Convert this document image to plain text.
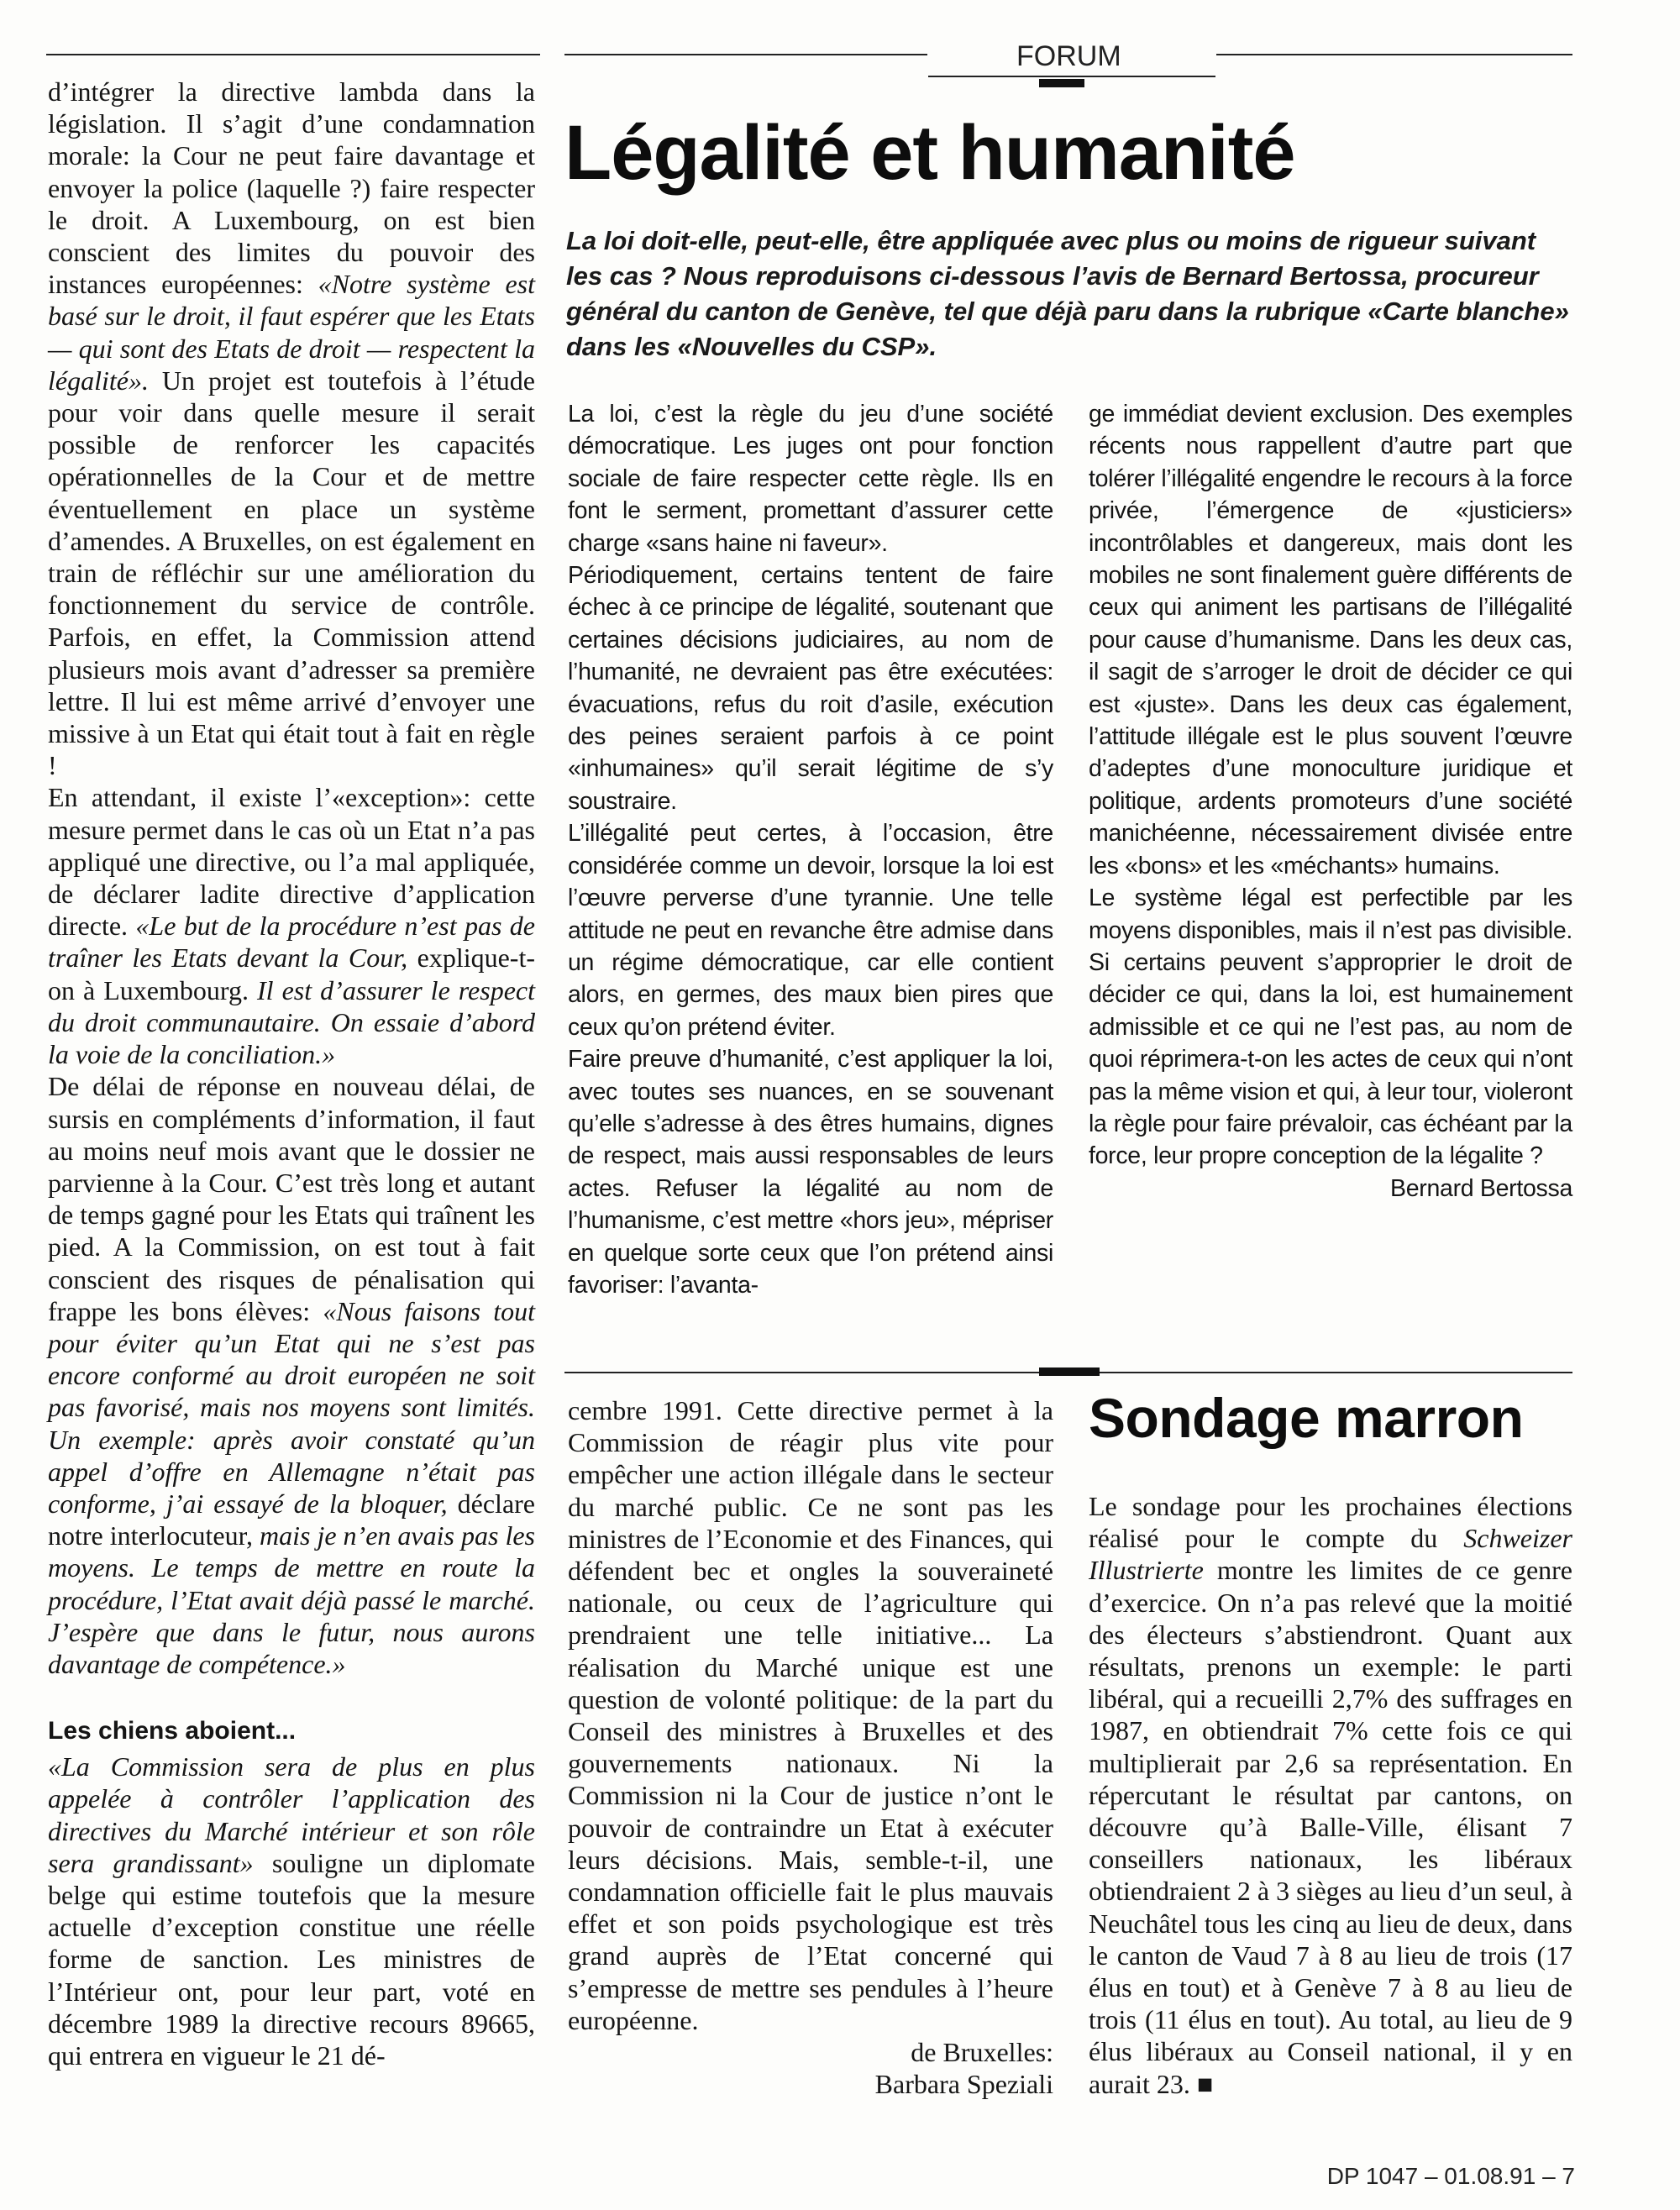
FORUM
Légalité et humanité

La loi doit-elle, peut-elle, être appliquée avec plus ou moins de rigueur suivant les cas ? Nous reproduisons ci-dessous l’avis de Bernard Bertossa, procureur général du canton de Genève, tel que déjà paru dans la rubrique «Carte blanche» dans les «Nouvelles du CSP».

d’intégrer la directive lambda dans la législation. Il s’agit d’une condamnation morale: la Cour ne peut faire davantage et envoyer la police (laquelle ?) faire respecter le droit. A Luxembourg, on est bien conscient des limites du pouvoir des instances européennes: «Notre système est basé sur le droit, il faut espérer que les Etats — qui sont des Etats de droit — respectent la légalité». Un projet est toutefois à l’étude pour voir dans quelle mesure il serait possible de renforcer les capacités opérationnelles de la Cour et de mettre éventuellement en place un système d’amendes. A Bruxelles, on est également en train de réfléchir sur une amélioration du fonctionnement du service de contrôle. Parfois, en effet, la Commission attend plusieurs mois avant d’adresser sa première lettre. Il lui est même arrivé d’envoyer une missive à un Etat qui était tout à fait en règle !

En attendant, il existe l’«exception»: cette mesure permet dans le cas où un Etat n’a pas appliqué une directive, ou l’a mal appliquée, de déclarer ladite directive d’application directe. «Le but de la procédure n’est pas de traîner les Etats devant la Cour, explique-t-on à Luxembourg. Il est d’assurer le respect du droit communautaire. On essaie d’abord la voie de la conciliation.»

De délai de réponse en nouveau délai, de sursis en compléments d’information, il faut au moins neuf mois avant que le dossier ne parvienne à la Cour. C’est très long et autant de temps gagné pour les Etats qui traînent les pied. A la Commission, on est tout à fait conscient des risques de pénalisation qui frappe les bons élèves: «Nous faisons tout pour éviter qu’un Etat qui ne s’est pas encore conformé au droit européen ne soit pas favorisé, mais nos moyens sont limités. Un exemple: après avoir constaté qu’un appel d’offre en Allemagne n’était pas conforme, j’ai essayé de la bloquer, déclare notre interlocuteur, mais je n’en avais pas les moyens. Le temps de mettre en route la procédure, l’Etat avait déjà passé le marché. J’espère que dans le futur, nous aurons davantage de compétence.»

Les chiens aboient...

«La Commission sera de plus en plus appelée à contrôler l’application des directives du Marché intérieur et son rôle sera grandissant» souligne un diplomate belge qui estime toutefois que la mesure actuelle d’exception constitue une réelle forme de sanction. Les ministres de l’Intérieur ont, pour leur part, voté en décembre 1989 la directive recours 89665, qui entrera en vigueur le 21 dé-

cembre 1991. Cette directive permet à la Commission de réagir plus vite pour empêcher une action illégale dans le secteur du marché public. Ce ne sont pas les ministres de l’Economie et des Finances, qui défendent bec et ongles la souveraineté nationale, ou ceux de l’agriculture qui prendraient une telle initiative... La réalisation du Marché unique est une question de volonté politique: de la part du Conseil des ministres à Bruxelles et des gouvernements nationaux. Ni la Commission ni la Cour de justice n’ont le pouvoir de contraindre un Etat à exécuter leurs décisions. Mais, semble-t-il, une condamnation officielle fait le plus mauvais effet et son poids psychologique est très grand auprès de l’Etat concerné qui s’empresse de mettre ses pendules à l’heure européenne.

de Bruxelles:

Barbara Speziali

La loi, c’est la règle du jeu d’une société démocratique. Les juges ont pour fonction sociale de faire respecter cette règle. Ils en font le serment, promettant d’assurer cette charge «sans haine ni faveur».

Périodiquement, certains tentent de faire échec à ce principe de légalité, soutenant que certaines décisions judiciaires, au nom de l’humanité, ne devraient pas être exécutées: évacuations, refus du roit d’asile, exécution des peines seraient parfois à ce point «inhumaines» qu’il serait légitime de s’y soustraire.

L’illégalité peut certes, à l’occasion, être considérée comme un devoir, lorsque la loi est l’œuvre perverse d’une tyrannie. Une telle attitude ne peut en revanche être admise dans un régime démocratique, car elle contient alors, en germes, des maux bien pires que ceux qu’on prétend éviter.

Faire preuve d’humanité, c’est appliquer la loi, avec toutes ses nuances, en se souvenant qu’elle s’adresse à des êtres humains, dignes de respect, mais aussi responsables de leurs actes. Refuser la légalité au nom de l’humanisme, c’est mettre «hors jeu», mépriser en quelque sorte ceux que l’on prétend ainsi favoriser: l’avanta-

ge immédiat devient exclusion. Des exemples récents nous rappellent d’autre part que tolérer l’illégalité engendre le recours à la force privée, l’émergence de «justiciers» incontrôlables et dangereux, mais dont les mobiles ne sont finalement guère différents de ceux qui animent les partisans de l’illégalité pour cause d’humanisme. Dans les deux cas, il sagit de s’arroger le droit de décider ce qui est «juste». Dans les deux cas également, l’attitude illégale est le plus souvent l’œuvre d’adeptes d’une monoculture juridique et politique, ardents promoteurs d’une société manichéenne, nécessairement divisée entre les «bons» et les «méchants» humains.

Le système légal est perfectible par les moyens disponibles, mais il n’est pas divisible. Si certains peuvent s’approprier le droit de décider ce qui, dans la loi, est humainement admissible et ce qui ne l’est pas, au nom de quoi réprimera-t-on les actes de ceux qui n’ont pas la même vision et qui, à leur tour, violeront la règle pour faire prévaloir, cas échéant par la force, leur propre conception de la légalite ?

Bernard Bertossa

Sondage marron

Le sondage pour les prochaines élections réalisé pour le compte du Schweizer Illustrierte montre les limites de ce genre d’exercice. On n’a pas relevé que la moitié des électeurs s’abstiendront. Quant aux résultats, prenons un exemple: le parti libéral, qui a recueilli 2,7% des suffrages en 1987, en obtiendrait 7% cette fois ce qui multiplierait par 2,6 sa représentation. En répercutant le résultat par cantons, on découvre qu’à Balle-Ville, élisant 7 conseillers nationaux, les libéraux obtiendraient 2 à 3 sièges au lieu d’un seul, à Neuchâtel tous les cinq au lieu de deux, dans le canton de Vaud 7 à 8 au lieu de trois (17 élus en tout) et à Genève 7 à 8 au lieu de trois (11 élus en tout). Au total, au lieu de 9 élus libéraux au Conseil national, il y en aurait 23. ■

DP 1047 – 01.08.91 – 7
